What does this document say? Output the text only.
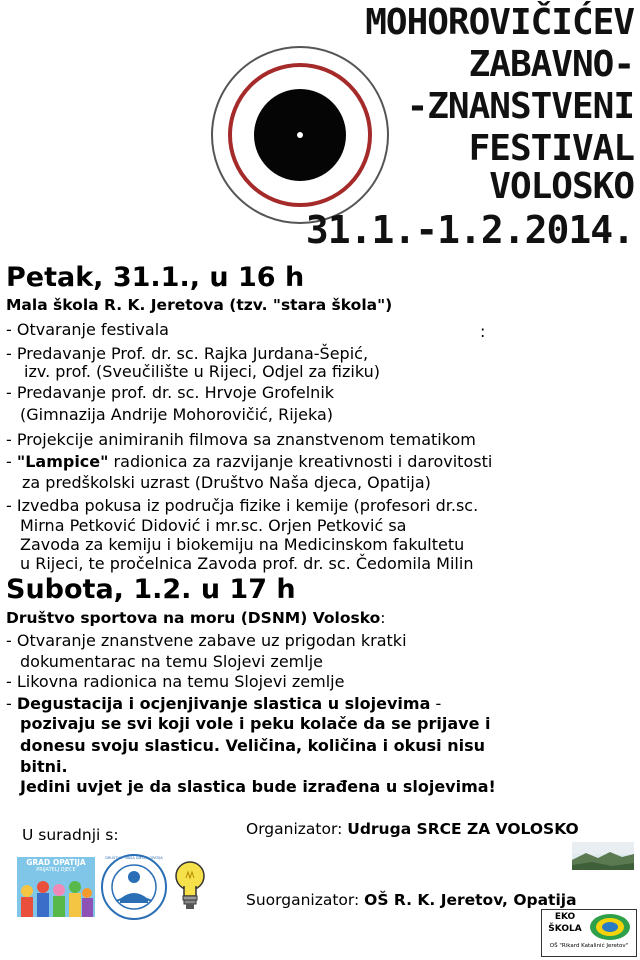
MOHOROVIČIĆEV
ZABAVNO-
-ZNANSTVENI
FESTIVAL
VOLOSKO
31.1.-1.2.2014.
Petak, 31.1., u 16 h
Mala škola R. K. Jeretova (tzv. "stara škola")
- Otvaranje festivala	:
- Predavanje Prof. dr. sc. Rajka Jurdana-Šepić,
izv. prof. (Sveučilište u Rijeci, Odjel za fiziku)
- Predavanje prof. dr. sc. Hrvoje Grofelnik
(Gimnazija Andrije Mohorovičić, Rijeka)
- Projekcije animiranih filmova sa znanstvenom tematikom
- "Lampice" radionica za razvijanje kreativnosti i darovitosti
za predškolski uzrast (Društvo Naša djeca, Opatija)
- Izvedba pokusa iz područja fizike i kemije (profesori dr.sc.
Mirna Petković Didović i mr.sc. Orjen Petković sa
Zavoda za kemiju i biokemiju na Medicinskom fakultetu
u Rijeci, te pročelnica Zavoda prof. dr. sc. Čedomila Milin
Subota, 1.2. u 17 h
Društvo sportova na moru (DSNM) Volosko:
- Otvaranje znanstvene zabave uz prigodan kratki
dokumentarac na temu Slojevi zemlje
- Likovna radionica na temu Slojevi zemlje
- Degustacija i ocjenjivanje slastica u slojevima -
pozivaju se svi koji vole i peku kolače da se prijave i
donesu svoju slasticu. Veličina, količina i okusi nisu
bitni.
Jedini uvjet je da slastica bude izrađena u slojevima!
U suradnji s:	Organizator: Udruga SRCE ZA VOLOSKO
Suorganizator: OŠ R. K. Jeretov, Opatija
GRAD OPATIJA
PRIJATELJ DJECE
DRUŠTVO "NAŠA DJECA" OPATIJA
EKO
ŠKOLA
OŠ "Rikard Katalinić Jeretov"
